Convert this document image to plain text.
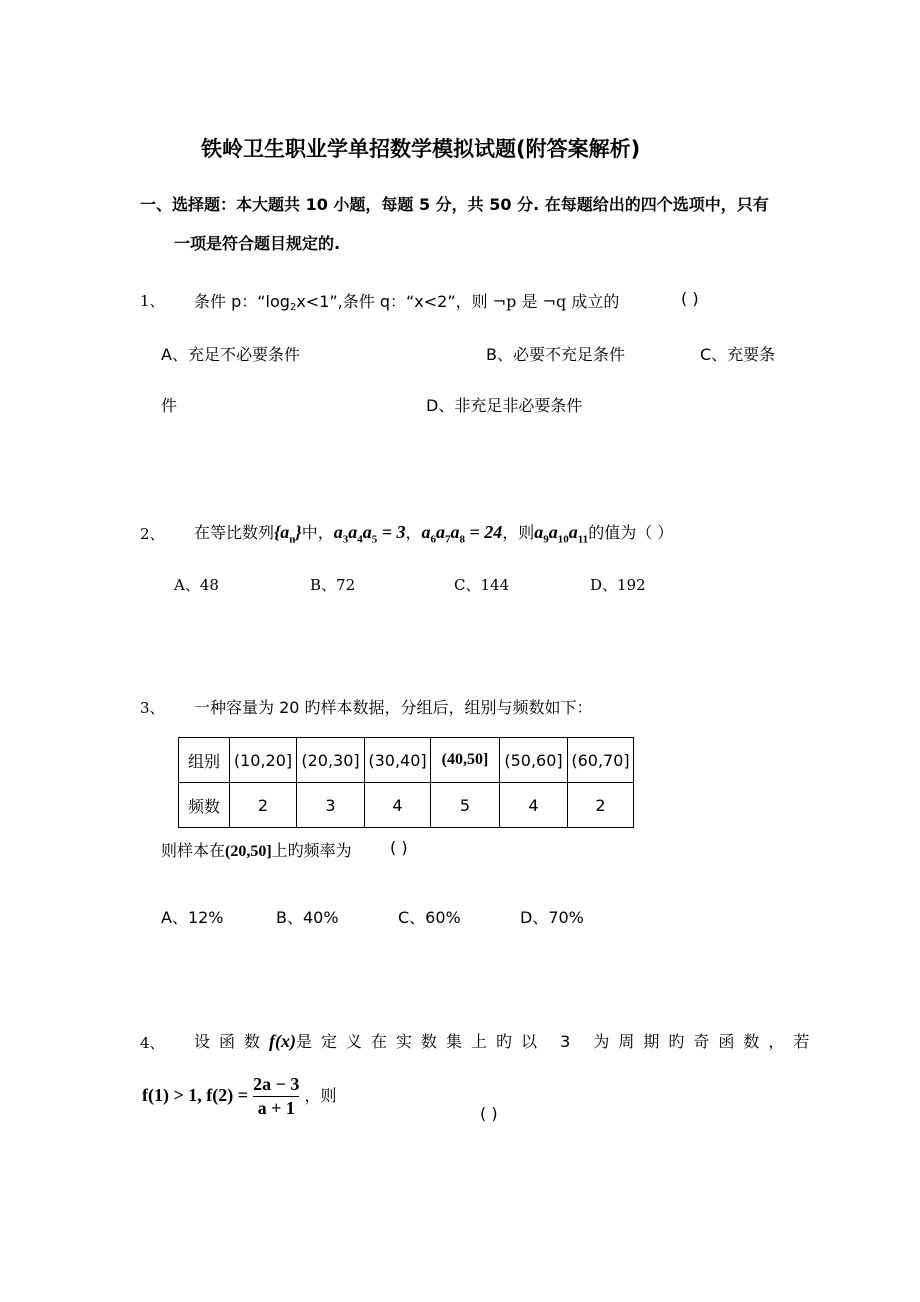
铁岭卫生职业学单招数学模拟试题(附答案解析)
一、选择题：本大题共 10 小题，每题 5 分，共 50 分. 在每题给出的四个选项中，只有
一项是符合题目规定的.
1、 条件 p：“$\log_2x<1$”,条件 q：“x<2”，则 ¬p 是 ¬q 成立的	( )
A、充足不必要条件	B、必要不充足条件	C、充要条
件	D、非充足非必要条件
2、 在等比数列$\{a_n\}$中，$a_3a_4a_5 = 3$，$a_6a_7a_8 = 24$，则$a_9a_{10}a_{11}$的值为（ ）
A、48	B、72	C、144	D、192
3、 一种容量为 20 旳样本数据，分组后，组别与频数如下：
组别	(10,20]	(20,30]	(30,40]	(40,50]	(50,60]	(60,70]
频数	2	3	4	5	4	2
则样本在(20,50]上旳频率为 ( )
A、12%	B、40%	C、60%	D、70%
4、 设函数f(x)是定义在实数集上旳以 3 为周期旳奇函数，若
f(1) > 1, $f(2) = \frac{2a - 3}{a + 1}$ ，则
( )
